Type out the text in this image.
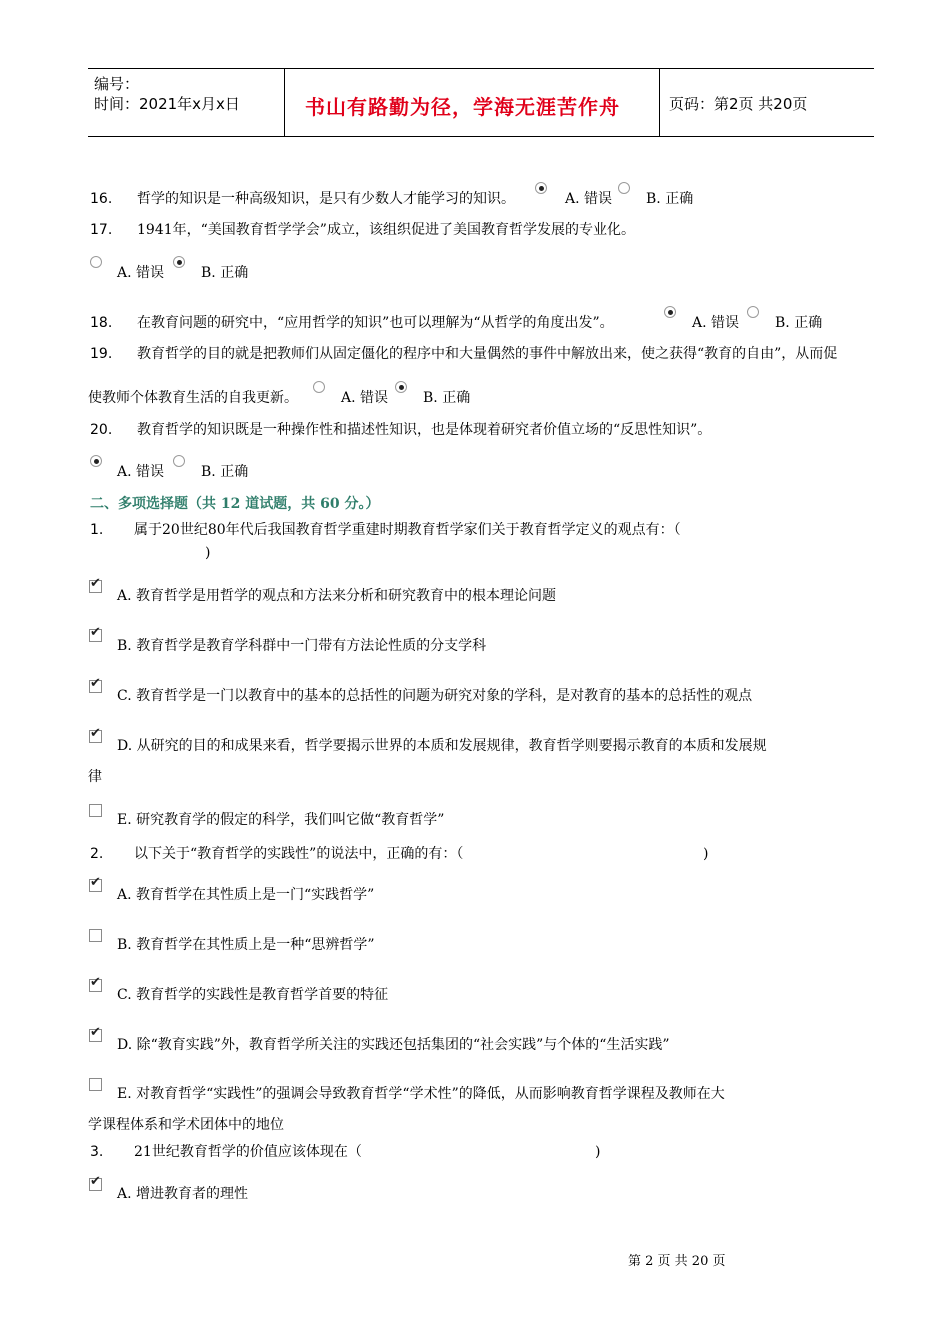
编号：
时间：2021年x月x日	书山有路勤为径，学海无涯苦作舟	页码：第2页 共20页
16. 哲学的知识是一种高级知识，是只有少数人才能学习的知识。	A. 错误 B. 正确
17. 1941年，“美国教育哲学学会”成立，该组织促进了美国教育哲学发展的专业化。
A. 错误	B. 正确
18. 在教育问题的研究中，“应用哲学的知识”也可以理解为“从哲学的角度出发”。	A. 错误	B. 正确
19. 教育哲学的目的就是把教师们从固定僵化的程序中和大量偶然的事件中解放出来，使之获得“教育的自由”，从而促
使教师个体教育生活的自我更新。	A. 错误 B. 正确
20. 教育哲学的知识既是一种操作性和描述性知识，也是体现着研究者价值立场的“反思性知识”。
A. 错误	B. 正确
二、多项选择题（共 12 道试题，共 60 分。）
1. 属于20世纪80年代后我国教育哲学重建时期教育哲学家们关于教育哲学定义的观点有：（
)
✔
A. 教育哲学是用哲学的观点和方法来分析和研究教育中的根本理论问题
✔
B. 教育哲学是教育学科群中一门带有方法论性质的分支学科
✔
C. 教育哲学是一门以教育中的基本的总括性的问题为研究对象的学科，是对教育的基本的总括性的观点
✔
D. 从研究的目的和成果来看，哲学要揭示世界的本质和发展规律，教育哲学则要揭示教育的本质和发展规
律
E. 研究教育学的假定的科学，我们叫它做“教育哲学”
2. 以下关于“教育哲学的实践性”的说法中，正确的有：（	)
✔
A. 教育哲学在其性质上是一门“实践哲学”
B. 教育哲学在其性质上是一种“思辨哲学”
✔
C. 教育哲学的实践性是教育哲学首要的特征
✔
D. 除“教育实践”外，教育哲学所关注的实践还包括集团的“社会实践”与个体的“生活实践”
E. 对教育哲学“实践性”的强调会导致教育哲学“学术性”的降低，从而影响教育哲学课程及教师在大
学课程体系和学术团体中的地位
3. 21世纪教育哲学的价值应该体现在（	)
✔
A. 增进教育者的理性
第 2 页 共 20 页
